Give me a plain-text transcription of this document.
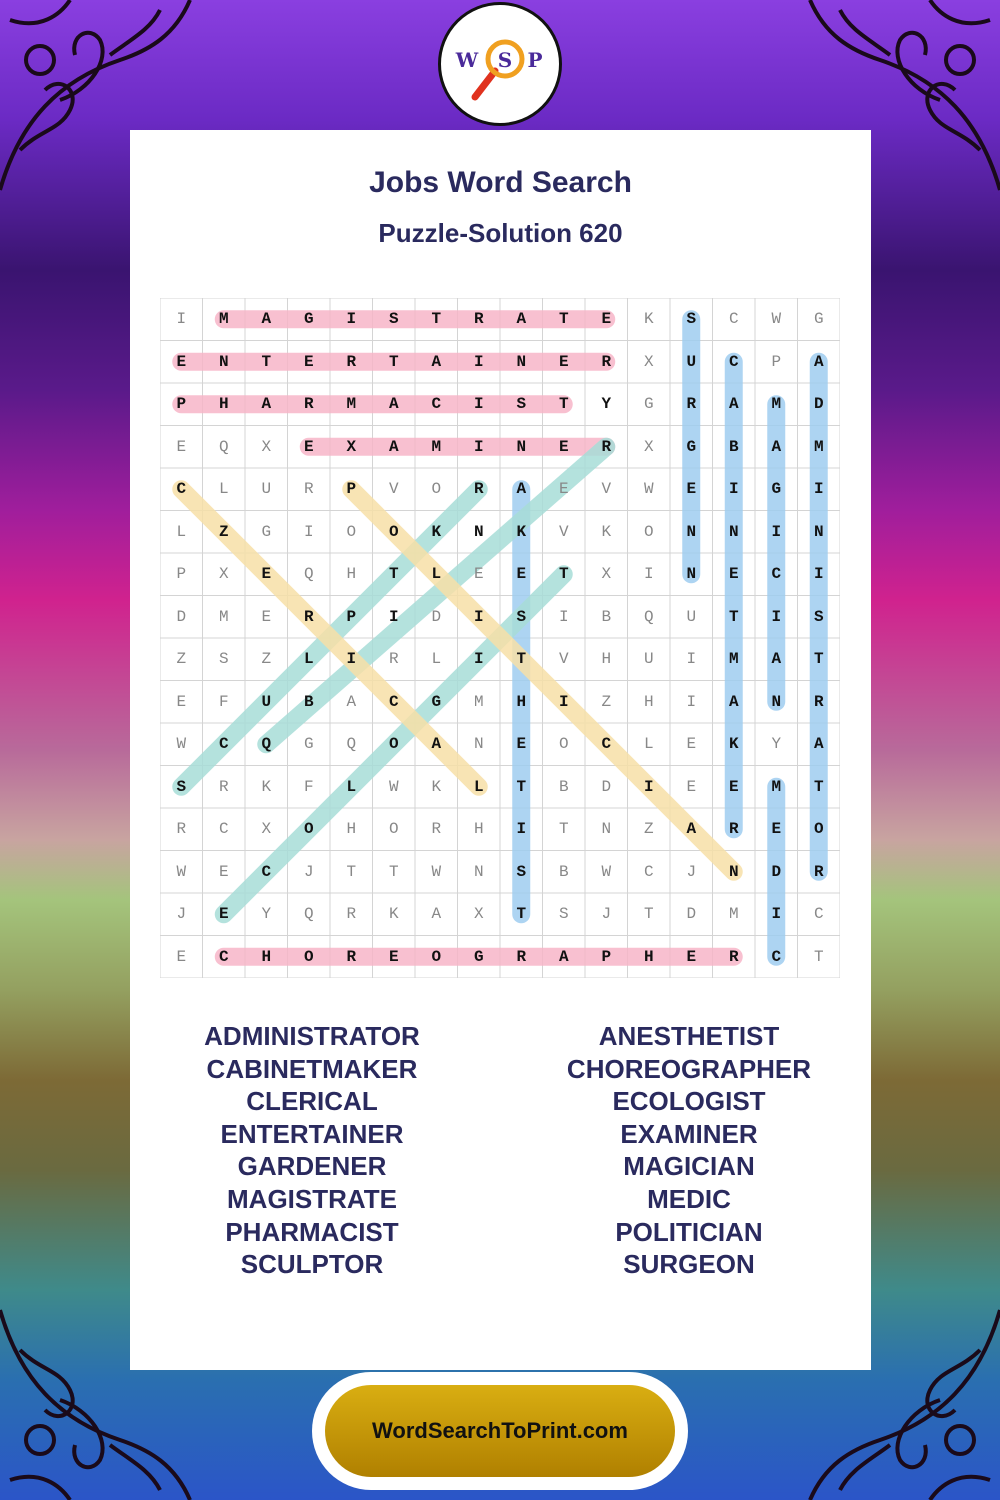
W S P
Jobs Word Search
Puzzle-Solution 620
I	M	A	G	I	S	T	R	A	T	E	K	S	C	W	G
E	N	T	E	R	T	A	I	N	E	R	X	U	C	P	A
P	H	A	R	M	A	C	I	S	T	Y	G	R	A	M	D
E	Q	X	E	X	A	M	I	N	E	R	X	G	B	A	M
C	L	U	R	P	V	O	R	A	E	V	W	E	I	G	I
L	Z	G	I	O	O	K	N	K	V	K	O	N	N	I	N
P	X	E	Q	H	T	L	E	E	T	X	I	N	E	C	I
D	M	E	R	P	I	D	I	S	I	B	Q	U	T	I	S
Z	S	Z	L	I	R	L	I	T	V	H	U	I	M	A	T
E	F	U	B	A	C	G	M	H	I	Z	H	I	A	N	R
W	C	Q	G	Q	O	A	N	E	O	C	L	E	K	Y	A
S	R	K	F	L	W	K	L	T	B	D	I	E	E	M	T
R	C	X	O	H	O	R	H	I	T	N	Z	A	R	E	O
W	E	C	J	T	T	W	N	S	B	W	C	J	N	D	R
J	E	Y	Q	R	K	A	X	T	S	J	T	D	M	I	C
E	C	H	O	R	E	O	G	R	A	P	H	E	R	C	T
ADMINISTRATOR
CABINETMAKER
CLERICAL
ENTERTAINER
GARDENER
MAGISTRATE
PHARMACIST
SCULPTOR
ANESTHETIST
CHOREOGRAPHER
ECOLOGIST
EXAMINER
MAGICIAN
MEDIC
POLITICIAN
SURGEON
WordSearchToPrint.com
